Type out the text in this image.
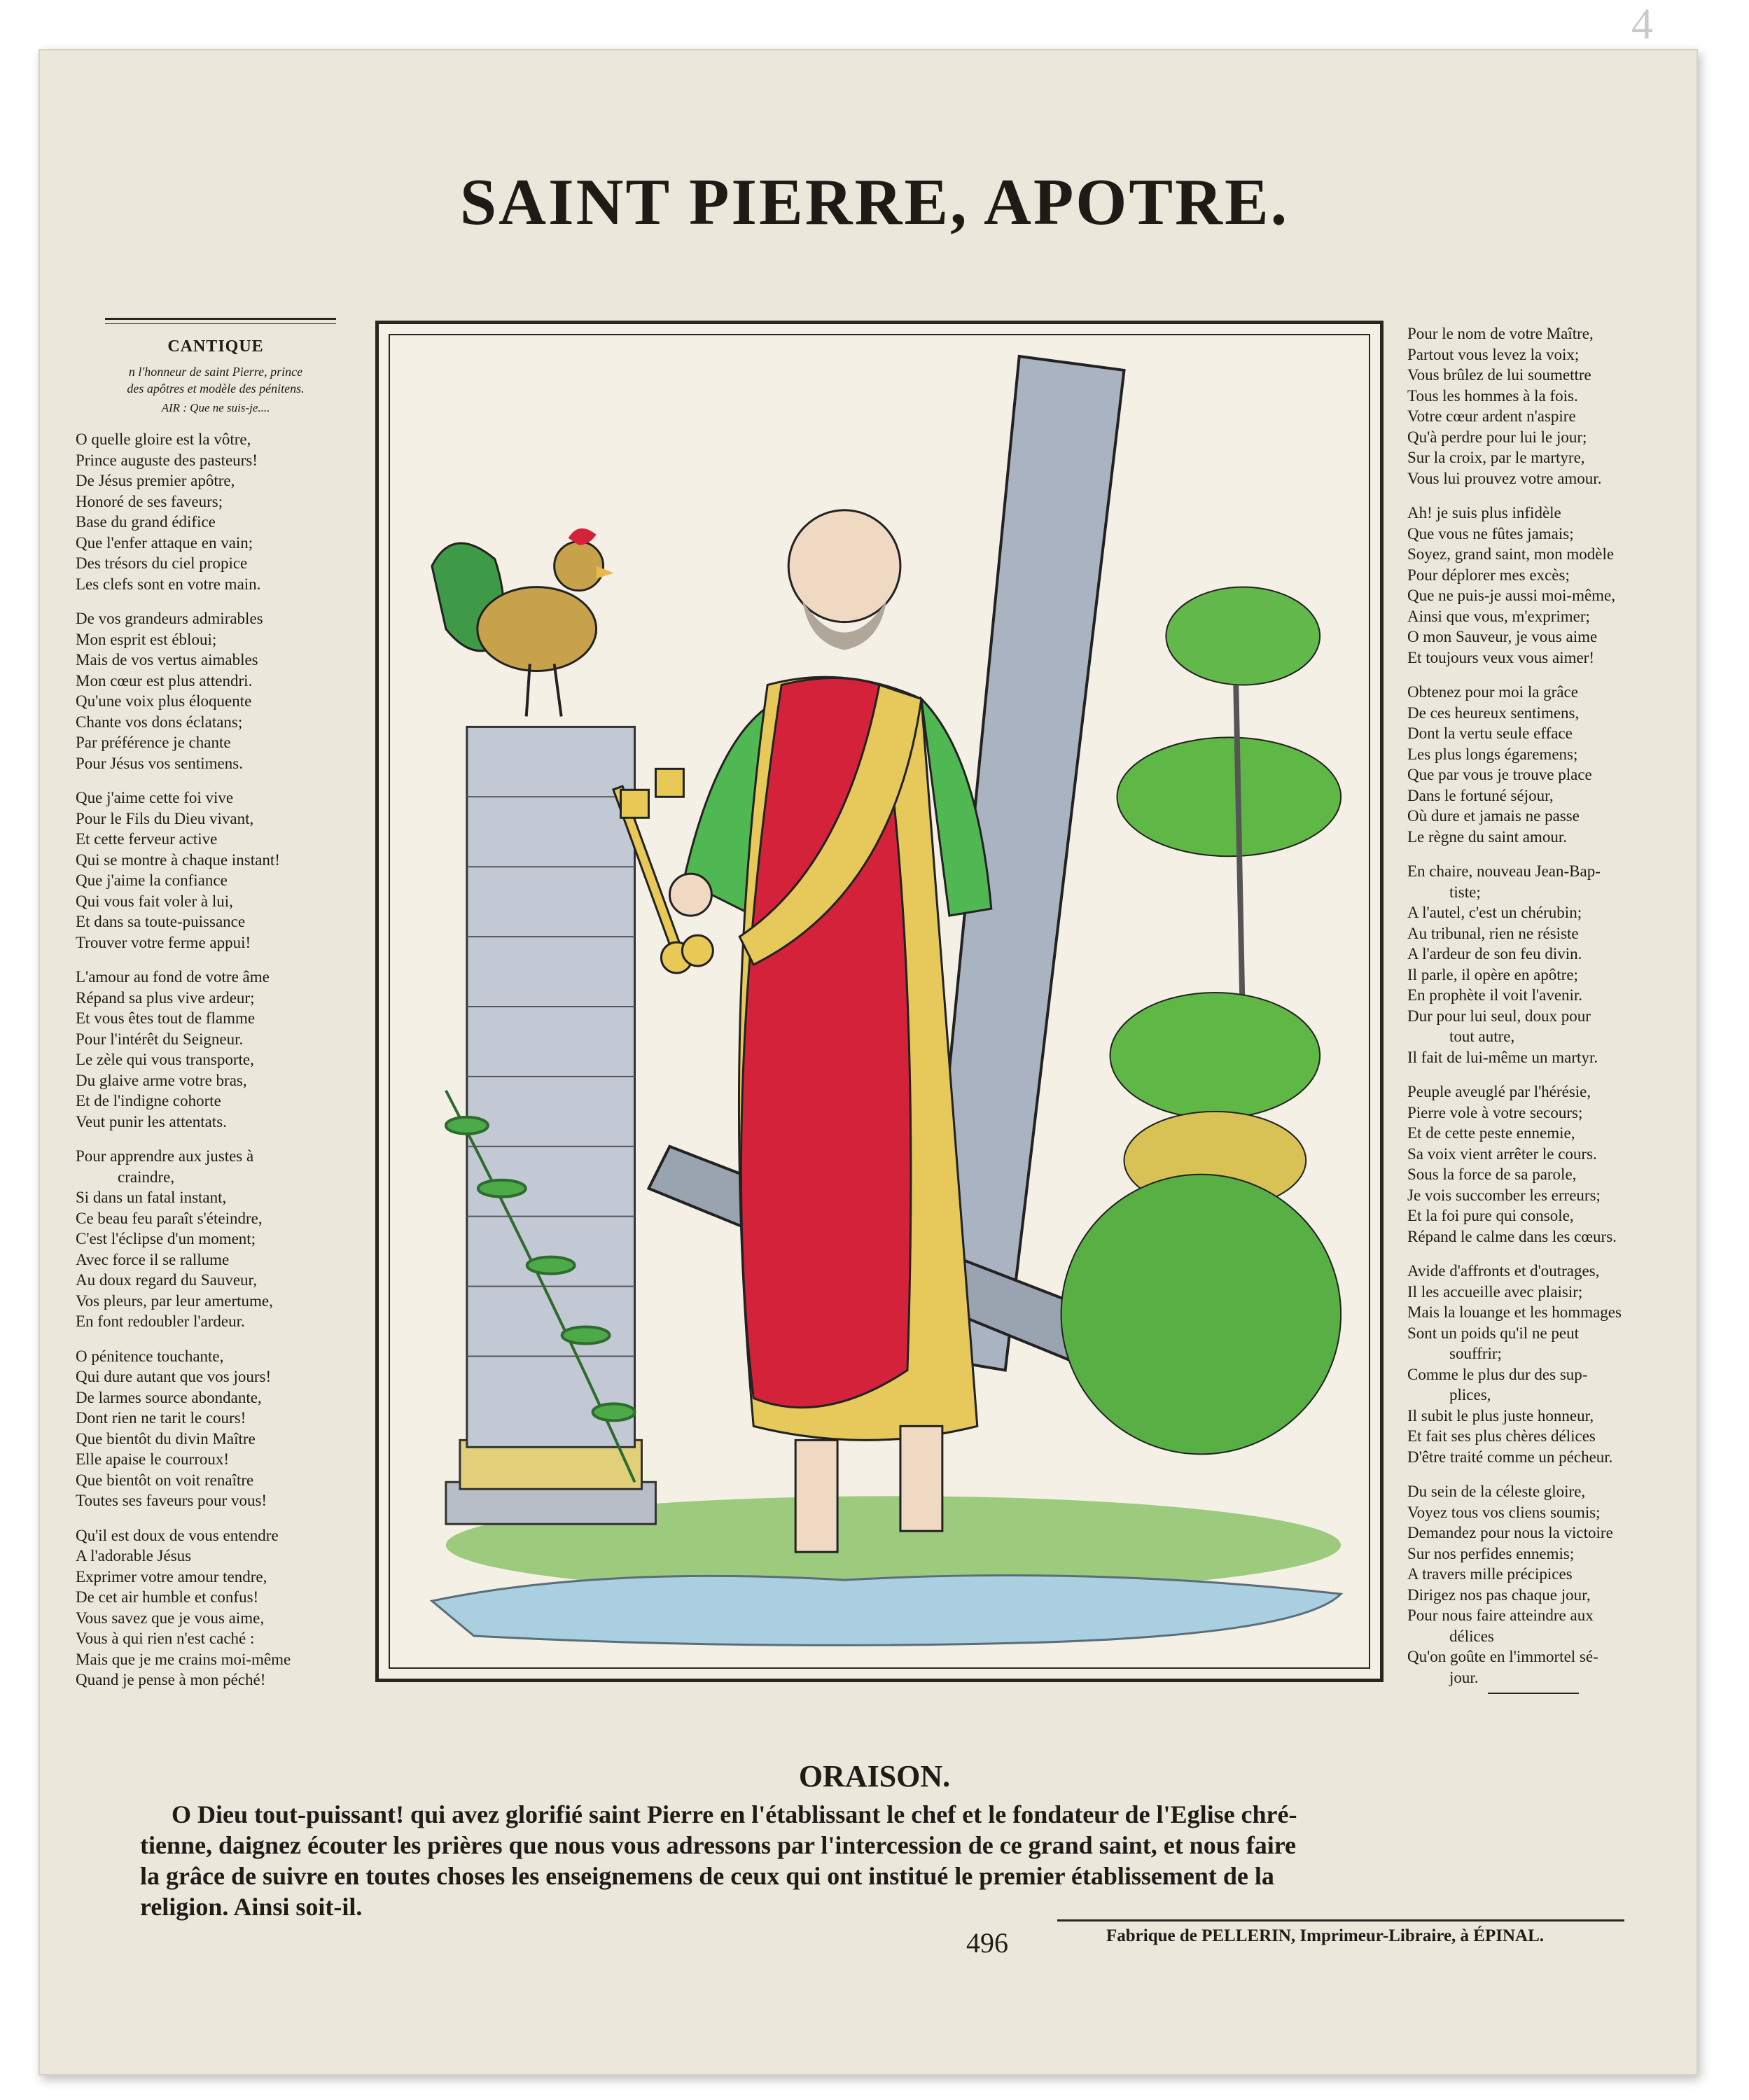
4
SAINT PIERRE, APOTRE.
CANTIQUE
n l'honneur de saint Pierre, prince
des apôtres et modèle des pénitens.
AIR : Que ne suis-je....
O quelle gloire est la vôtre,
Prince auguste des pasteurs!
De Jésus premier apôtre,
Honoré de ses faveurs;
Base du grand édifice
Que l'enfer attaque en vain;
Des trésors du ciel propice
Les clefs sont en votre main.
De vos grandeurs admirables
Mon esprit est ébloui;
Mais de vos vertus aimables
Mon cœur est plus attendri.
Qu'une voix plus éloquente
Chante vos dons éclatans;
Par préférence je chante
Pour Jésus vos sentimens.
Que j'aime cette foi vive
Pour le Fils du Dieu vivant,
Et cette ferveur active
Qui se montre à chaque instant!
Que j'aime la confiance
Qui vous fait voler à lui,
Et dans sa toute-puissance
Trouver votre ferme appui!
L'amour au fond de votre âme
Répand sa plus vive ardeur;
Et vous êtes tout de flamme
Pour l'intérêt du Seigneur.
Le zèle qui vous transporte,
Du glaive arme votre bras,
Et de l'indigne cohorte
Veut punir les attentats.
Pour apprendre aux justes à
craindre,
Si dans un fatal instant,
Ce beau feu paraît s'éteindre,
C'est l'éclipse d'un moment;
Avec force il se rallume
Au doux regard du Sauveur,
Vos pleurs, par leur amertume,
En font redoubler l'ardeur.
O pénitence touchante,
Qui dure autant que vos jours!
De larmes source abondante,
Dont rien ne tarit le cours!
Que bientôt du divin Maître
Elle apaise le courroux!
Que bientôt on voit renaître
Toutes ses faveurs pour vous!
Qu'il est doux de vous entendre
A l'adorable Jésus
Exprimer votre amour tendre,
De cet air humble et confus!
Vous savez que je vous aime,
Vous à qui rien n'est caché :
Mais que je me crains moi-même
Quand je pense à mon péché!
Pour le nom de votre Maître,
Partout vous levez la voix;
Vous brûlez de lui soumettre
Tous les hommes à la fois.
Votre cœur ardent n'aspire
Qu'à perdre pour lui le jour;
Sur la croix, par le martyre,
Vous lui prouvez votre amour.
Ah! je suis plus infidèle
Que vous ne fûtes jamais;
Soyez, grand saint, mon modèle
Pour déplorer mes excès;
Que ne puis-je aussi moi-même,
Ainsi que vous, m'exprimer;
O mon Sauveur, je vous aime
Et toujours veux vous aimer!
Obtenez pour moi la grâce
De ces heureux sentimens,
Dont la vertu seule efface
Les plus longs égaremens;
Que par vous je trouve place
Dans le fortuné séjour,
Où dure et jamais ne passe
Le règne du saint amour.
En chaire, nouveau Jean-Bap-
tiste;
A l'autel, c'est un chérubin;
Au tribunal, rien ne résiste
A l'ardeur de son feu divin.
Il parle, il opère en apôtre;
En prophète il voit l'avenir.
Dur pour lui seul, doux pour
tout autre,
Il fait de lui-même un martyr.
Peuple aveuglé par l'hérésie,
Pierre vole à votre secours;
Et de cette peste ennemie,
Sa voix vient arrêter le cours.
Sous la force de sa parole,
Je vois succomber les erreurs;
Et la foi pure qui console,
Répand le calme dans les cœurs.
Avide d'affronts et d'outrages,
Il les accueille avec plaisir;
Mais la louange et les hommages
Sont un poids qu'il ne peut
souffrir;
Comme le plus dur des sup-
plices,
Il subit le plus juste honneur,
Et fait ses plus chères délices
D'être traité comme un pécheur.
Du sein de la céleste gloire,
Voyez tous vos cliens soumis;
Demandez pour nous la victoire
Sur nos perfides ennemis;
A travers mille précipices
Dirigez nos pas chaque jour,
Pour nous faire atteindre aux
délices
Qu'on goûte en l'immortel sé-
jour.
ORAISON.
O Dieu tout-puissant! qui avez glorifié saint Pierre en l'établissant le chef et le fondateur de l'Eglise chré-
tienne, daignez écouter les prières que nous vous adressons par l'intercession de ce grand saint, et nous faire
la grâce de suivre en toutes choses les enseignemens de ceux qui ont institué le premier établissement de la
religion. Ainsi soit-il.
496	Fabrique de PELLERIN, Imprimeur-Libraire, à ÉPINAL.
